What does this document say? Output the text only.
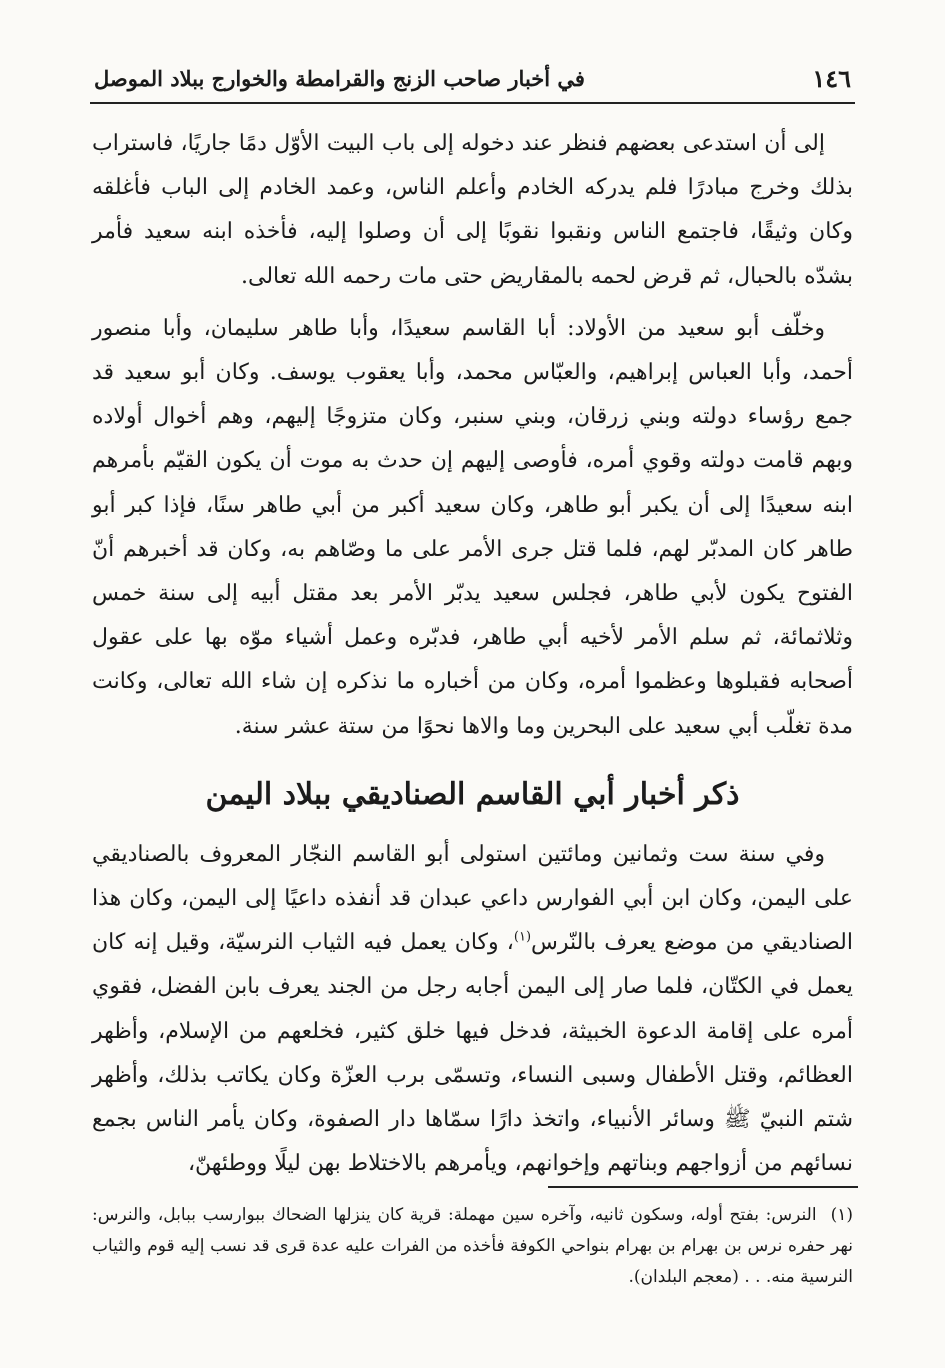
١٤٦
في أخبار صاحب الزنج والقرامطة والخوارج ببلاد الموصل

إلى أن استدعى بعضهم فنظر عند دخوله إلى باب البيت الأوّل دمًا جاريًا، فاستراب بذلك وخرج مبادرًا فلم يدركه الخادم وأعلم الناس، وعمد الخادم إلى الباب فأغلقه وكان وثيقًا، فاجتمع الناس ونقبوا نقوبًا إلى أن وصلوا إليه، فأخذه ابنه سعيد فأمر بشدّه بالحبال، ثم قرض لحمه بالمقاريض حتى مات رحمه الله تعالى.

وخلّف أبو سعيد من الأولاد: أبا القاسم سعيدًا، وأبا طاهر سليمان، وأبا منصور أحمد، وأبا العباس إبراهيم، والعبّاس محمد، وأبا يعقوب يوسف. وكان أبو سعيد قد جمع رؤساء دولته وبني زرقان، وبني سنبر، وكان متزوجًا إليهم، وهم أخوال أولاده وبهم قامت دولته وقوي أمره، فأوصى إليهم إن حدث به موت أن يكون القيّم بأمرهم ابنه سعيدًا إلى أن يكبر أبو طاهر، وكان سعيد أكبر من أبي طاهر سنًا، فإذا كبر أبو طاهر كان المدبّر لهم، فلما قتل جرى الأمر على ما وصّاهم به، وكان قد أخبرهم أنّ الفتوح يكون لأبي طاهر، فجلس سعيد يدبّر الأمر بعد مقتل أبيه إلى سنة خمس وثلاثمائة، ثم سلم الأمر لأخيه أبي طاهر، فدبّره وعمل أشياء موّه بها على عقول أصحابه فقبلوها وعظموا أمره، وكان من أخباره ما نذكره إن شاء الله تعالى، وكانت مدة تغلّب أبي سعيد على البحرين وما والاها نحوًا من ستة عشر سنة.

ذكر أخبار أبي القاسم الصناديقي ببلاد اليمن

وفي سنة ست وثمانين ومائتين استولى أبو القاسم النجّار المعروف بالصناديقي على اليمن، وكان ابن أبي الفوارس داعي عبدان قد أنفذه داعيًا إلى اليمن، وكان هذا الصناديقي من موضع يعرف بالنّرس$^{(١)}$، وكان يعمل فيه الثياب النرسيّة، وقيل إنه كان يعمل في الكتّان، فلما صار إلى اليمن أجابه رجل من الجند يعرف بابن الفضل، فقوي أمره على إقامة الدعوة الخبيثة، فدخل فيها خلق كثير، فخلعهم من الإسلام، وأظهر العظائم، وقتل الأطفال وسبى النساء، وتسمّى برب العزّة وكان يكاتب بذلك، وأظهر شتم النبيّ ﷺ وسائر الأنبياء، واتخذ دارًا سمّاها دار الصفوة، وكان يأمر الناس بجمع نسائهم من أزواجهم وبناتهم وإخوانهم، ويأمرهم بالاختلاط بهن ليلًا ووطئهنّ،

(١)النرس: بفتح أوله، وسكون ثانيه، وآخره سين مهملة: قرية كان ينزلها الضحاك ببوارسب ببابل، والنرس: نهر حفره نرس بن بهرام بن بهرام بنواحي الكوفة فأخذه من الفرات عليه عدة قرى قد نسب إليه قوم والثياب النرسية منه. . . (معجم البلدان).
